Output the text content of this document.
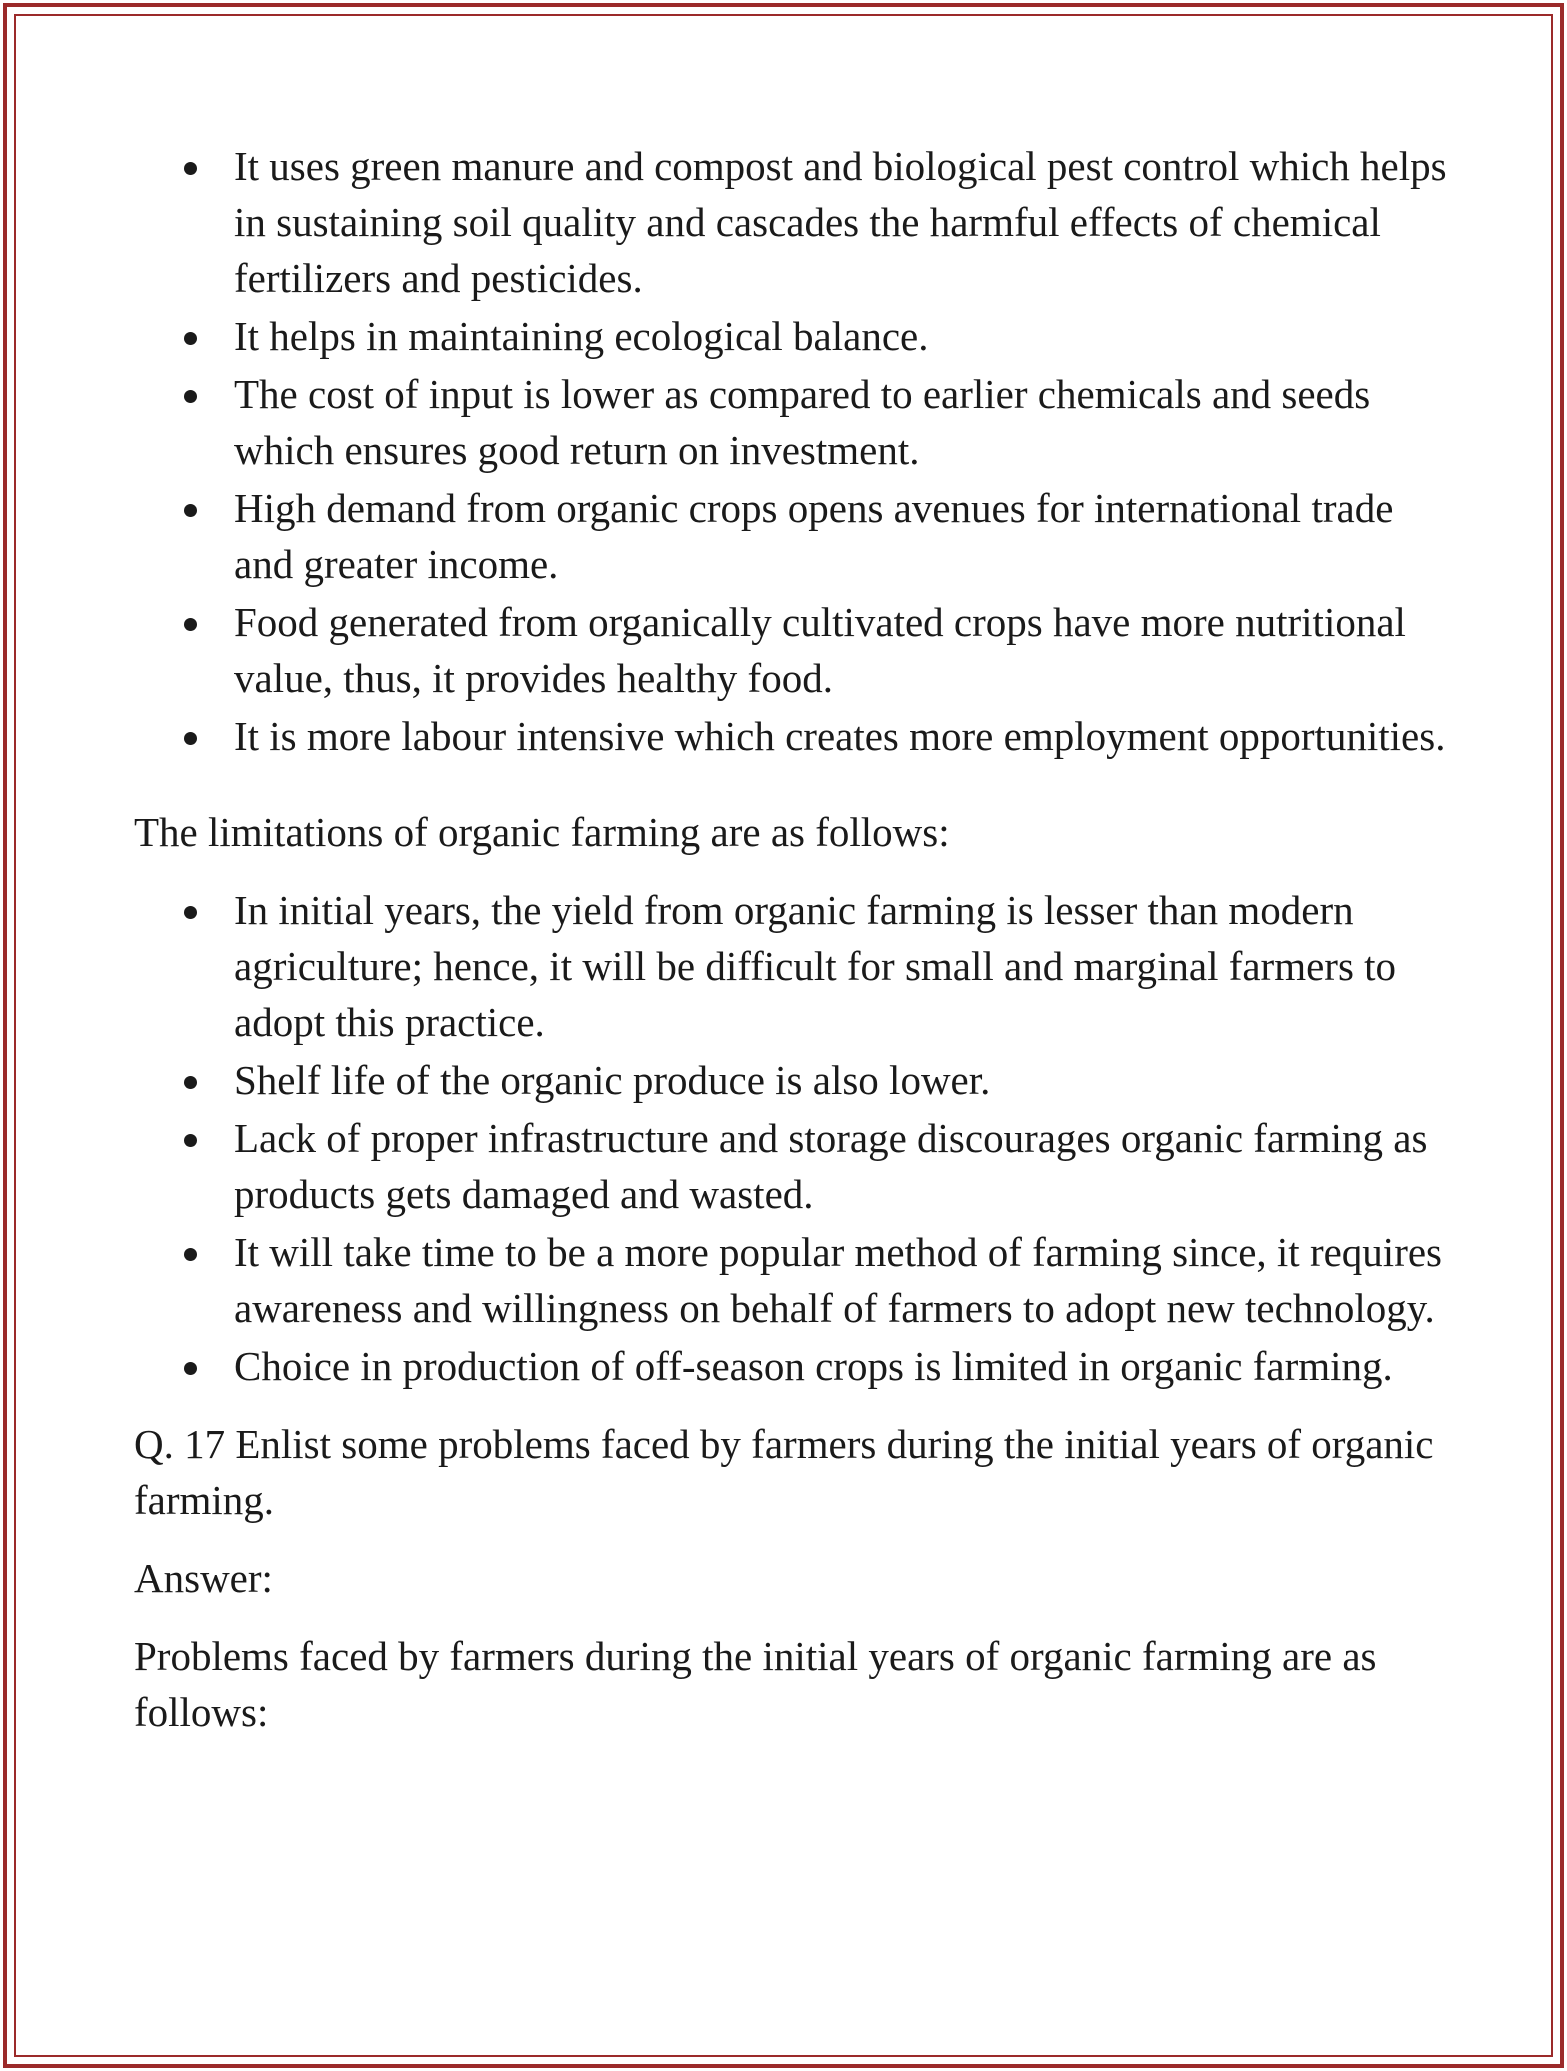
It uses green manure and compost and biological pest control which helps in sustaining soil quality and cascades the harmful effects of chemical fertilizers and pesticides.
It helps in maintaining ecological balance.
The cost of input is lower as compared to earlier chemicals and seeds which ensures good return on investment.
High demand from organic crops opens avenues for international trade and greater income.
Food generated from organically cultivated crops have more nutritional value, thus, it provides healthy food.
It is more labour intensive which creates more employment opportunities.

The limitations of organic farming are as follows:

In initial years, the yield from organic farming is lesser than modern agriculture; hence, it will be difficult for small and marginal farmers to adopt this practice.
Shelf life of the organic produce is also lower.
Lack of proper infrastructure and storage discourages organic farming as products gets damaged and wasted.
It will take time to be a more popular method of farming since, it requires awareness and willingness on behalf of farmers to adopt new technology.
Choice in production of off-season crops is limited in organic farming.

Q. 17 Enlist some problems faced by farmers during the initial years of organic farming.

Answer:

Problems faced by farmers during the initial years of organic farming are as follows:
